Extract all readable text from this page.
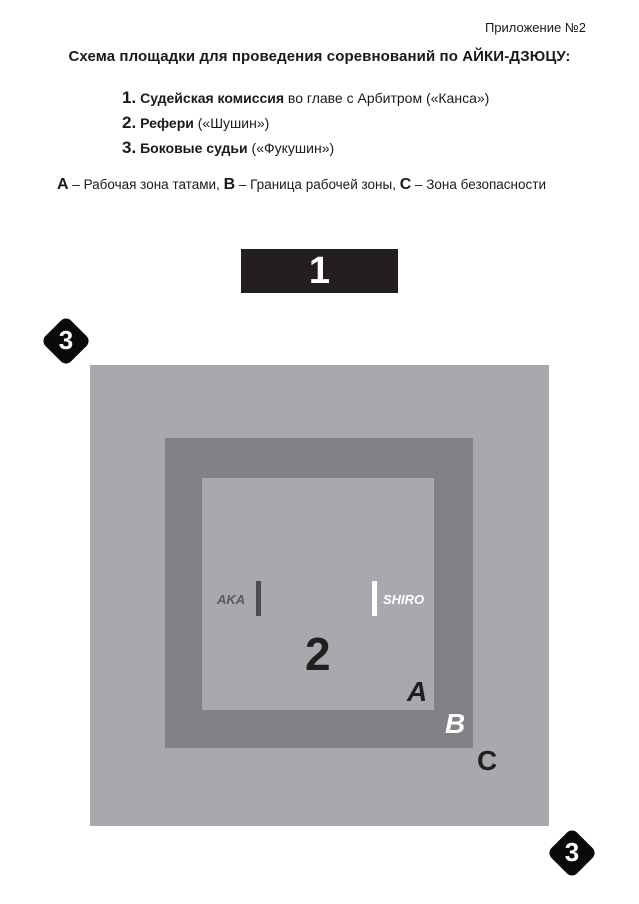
Приложение №2
Схема площадки для проведения соревнований по АЙКИ-ДЗЮЦУ:
1. Судейская комиссия во главе с Арбитром («Канса»)
2. Рефери («Шушин»)
3. Боковые судьи («Фукушин»)
А – Рабочая зона татами, В – Граница рабочей зоны, С – Зона безопасности
1
3
AKA	SHIRO
2
A
B
C
3
